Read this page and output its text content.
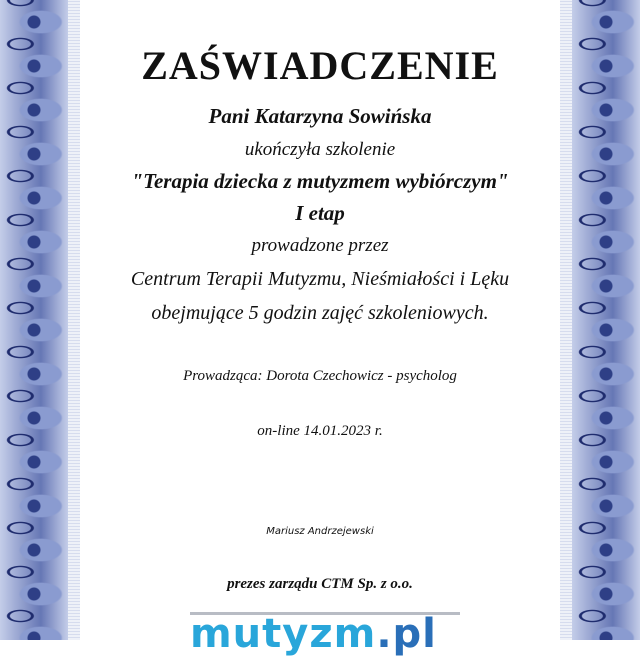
ZAŚWIADCZENIE
Pani Katarzyna Sowińska
ukończyła szkolenie
"Terapia dziecka z mutyzmem wybiórczym"
I etap
prowadzone przez
Centrum Terapii Mutyzmu, Nieśmiałości i Lęku
obejmujące 5 godzin zajęć szkoleniowych.
Prowadząca: Dorota Czechowicz - psycholog
on-line 14.01.2023 r.
Mariusz Andrzejewski
prezes zarządu CTM Sp. z o.o.
mutyzm.pl
